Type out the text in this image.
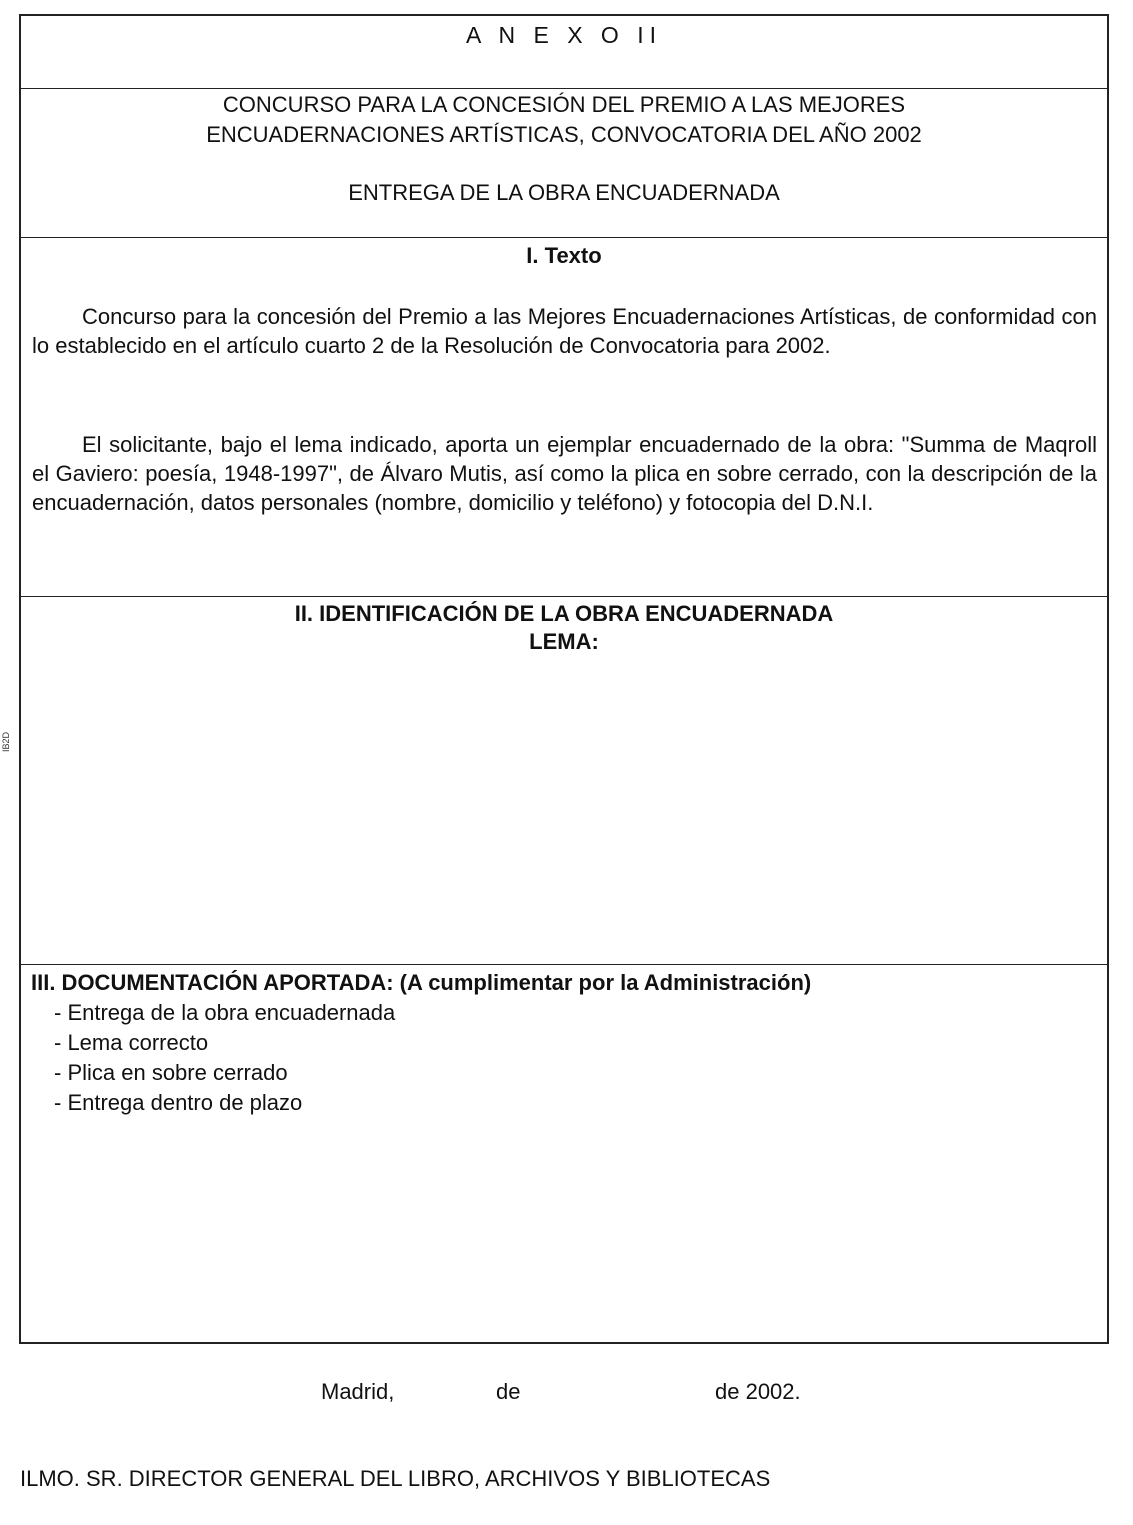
IB2D
A N E X O II
CONCURSO PARA LA CONCESIÓN DEL PREMIO A LAS MEJORES
ENCUADERNACIONES ARTÍSTICAS, CONVOCATORIA DEL AÑO 2002
ENTREGA DE LA OBRA ENCUADERNADA
I. Texto
Concurso para la concesión del Premio a las Mejores Encuadernaciones Artísticas, de conformidad con lo establecido en el artículo cuarto 2 de la Resolución de Convocatoria para 2002.
El solicitante, bajo el lema indicado, aporta un ejemplar encuadernado de la obra: "Summa de Maqroll el Gaviero: poesía, 1948-1997", de Álvaro Mutis, así como la plica en sobre cerrado, con la descripción de la encuadernación, datos personales (nombre, domicilio y teléfono) y fotocopia del D.N.I.
II. IDENTIFICACIÓN DE LA OBRA ENCUADERNADA
LEMA:
III. DOCUMENTACIÓN APORTADA: (A cumplimentar por la Administración)
- Entrega de la obra encuadernada
- Lema correcto
- Plica en sobre cerrado
- Entrega dentro de plazo
Madrid,	de	de 2002.
ILMO. SR. DIRECTOR GENERAL DEL LIBRO, ARCHIVOS Y BIBLIOTECAS
